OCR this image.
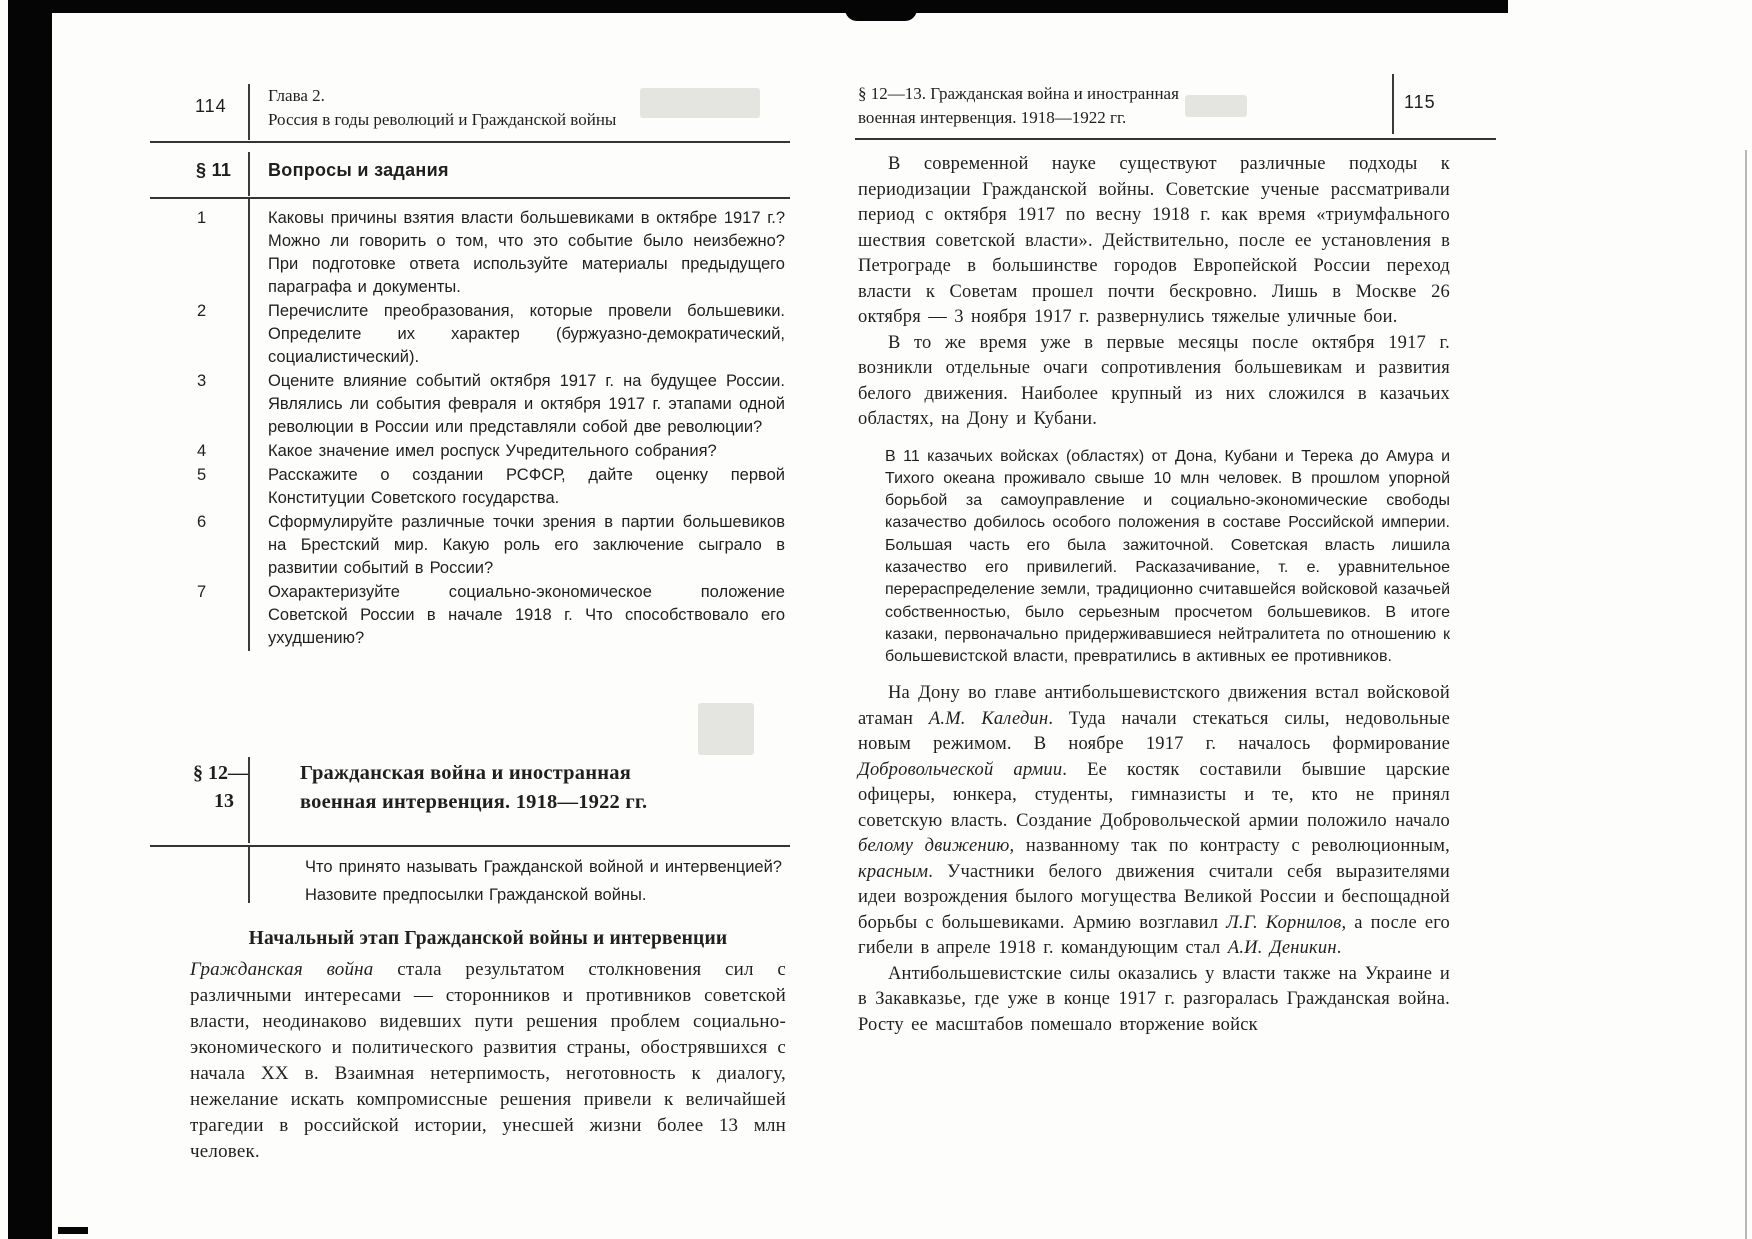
114
Глава 2.
Россия в годы революций и Гражданской войны
§ 11 Вопросы и задания
1	Каковы причины взятия власти большевиками в октябре 1917 г.? Можно ли говорить о том, что это событие было неизбежно? При подготовке ответа используйте материалы предыдущего параграфа и документы.
2	Перечислите преобразования, которые провели большевики. Определите их характер (буржуазно-демократический, социалистический).
3	Оцените влияние событий октября 1917 г. на будущее России. Являлись ли события февраля и октября 1917 г. этапами одной революции в России или представляли собой две революции?
4	Какое значение имел роспуск Учредительного собрания?
5	Расскажите о создании РСФСР, дайте оценку первой Конституции Советского государства.
6	Сформулируйте различные точки зрения в партии большевиков на Брестский мир. Какую роль его заключение сыграло в развитии событий в России?
7	Охарактеризуйте социально-экономическое положение Советской России в начале 1918 г. Что способствовало его ухудшению?
§ 12—
13
Гражданская война и иностранная
военная интервенция. 1918—1922 гг.
Что принято называть Гражданской войной и интервенцией? Назовите предпосылки Гражданской войны.
Начальный этап Гражданской войны и интервенции
Гражданская война стала результатом столкновения сил с различными интересами — сторонников и противников советской власти, неодинаково видевших пути решения проблем социально-экономического и политического развития страны, обострявшихся с начала XX в. Взаимная нетерпимость, неготовность к диалогу, нежелание искать компромиссные решения привели к величайшей трагедии в российской истории, унесшей жизни более 13 млн человек.
§ 12—13. Гражданская война и иностранная
военная интервенция. 1918—1922 гг.
115

В современной науке существуют различные подходы к периодизации Гражданской войны. Советские ученые рассматривали период с октября 1917 по весну 1918 г. как время «триумфального шествия советской власти». Действительно, после ее установления в Петрограде в большинстве городов Европейской России переход власти к Советам прошел почти бескровно. Лишь в Москве 26 октября — 3 ноября 1917 г. развернулись тяжелые уличные бои.

В то же время уже в первые месяцы после октября 1917 г. возникли отдельные очаги сопротивления большевикам и развития белого движения. Наиболее крупный из них сложился в казачьих областях, на Дону и Кубани.

В 11 казачьих войсках (областях) от Дона, Кубани и Терека до Амура и Тихого океана проживало свыше 10 млн человек. В прошлом упорной борьбой за самоуправление и социально-экономические свободы казачество добилось особого положения в составе Российской империи. Большая часть его была зажиточной. Советская власть лишила казачество его привилегий. Расказачивание, т. е. уравнительное перераспределение земли, традиционно считавшейся войсковой казачьей собственностью, было серьезным просчетом большевиков. В итоге казаки, первоначально придерживавшиеся нейтралитета по отношению к большевистской власти, превратились в активных ее противников.

На Дону во главе антибольшевистского движения встал войсковой атаман А.М. Каледин. Туда начали стекаться силы, недовольные новым режимом. В ноябре 1917 г. началось формирование Добровольческой армии. Ее костяк составили бывшие царские офицеры, юнкера, студенты, гимназисты и те, кто не принял советскую власть. Создание Добровольческой армии положило начало белому движению, названному так по контрасту с революционным, красным. Участники белого движения считали себя выразителями идеи возрождения былого могущества Великой России и беспощадной борьбы с большевиками. Армию возглавил Л.Г. Корнилов, а после его гибели в апреле 1918 г. командующим стал А.И. Деникин.

Антибольшевистские силы оказались у власти также на Украине и в Закавказье, где уже в конце 1917 г. разгоралась Гражданская война. Росту ее масштабов помешало вторжение войск
